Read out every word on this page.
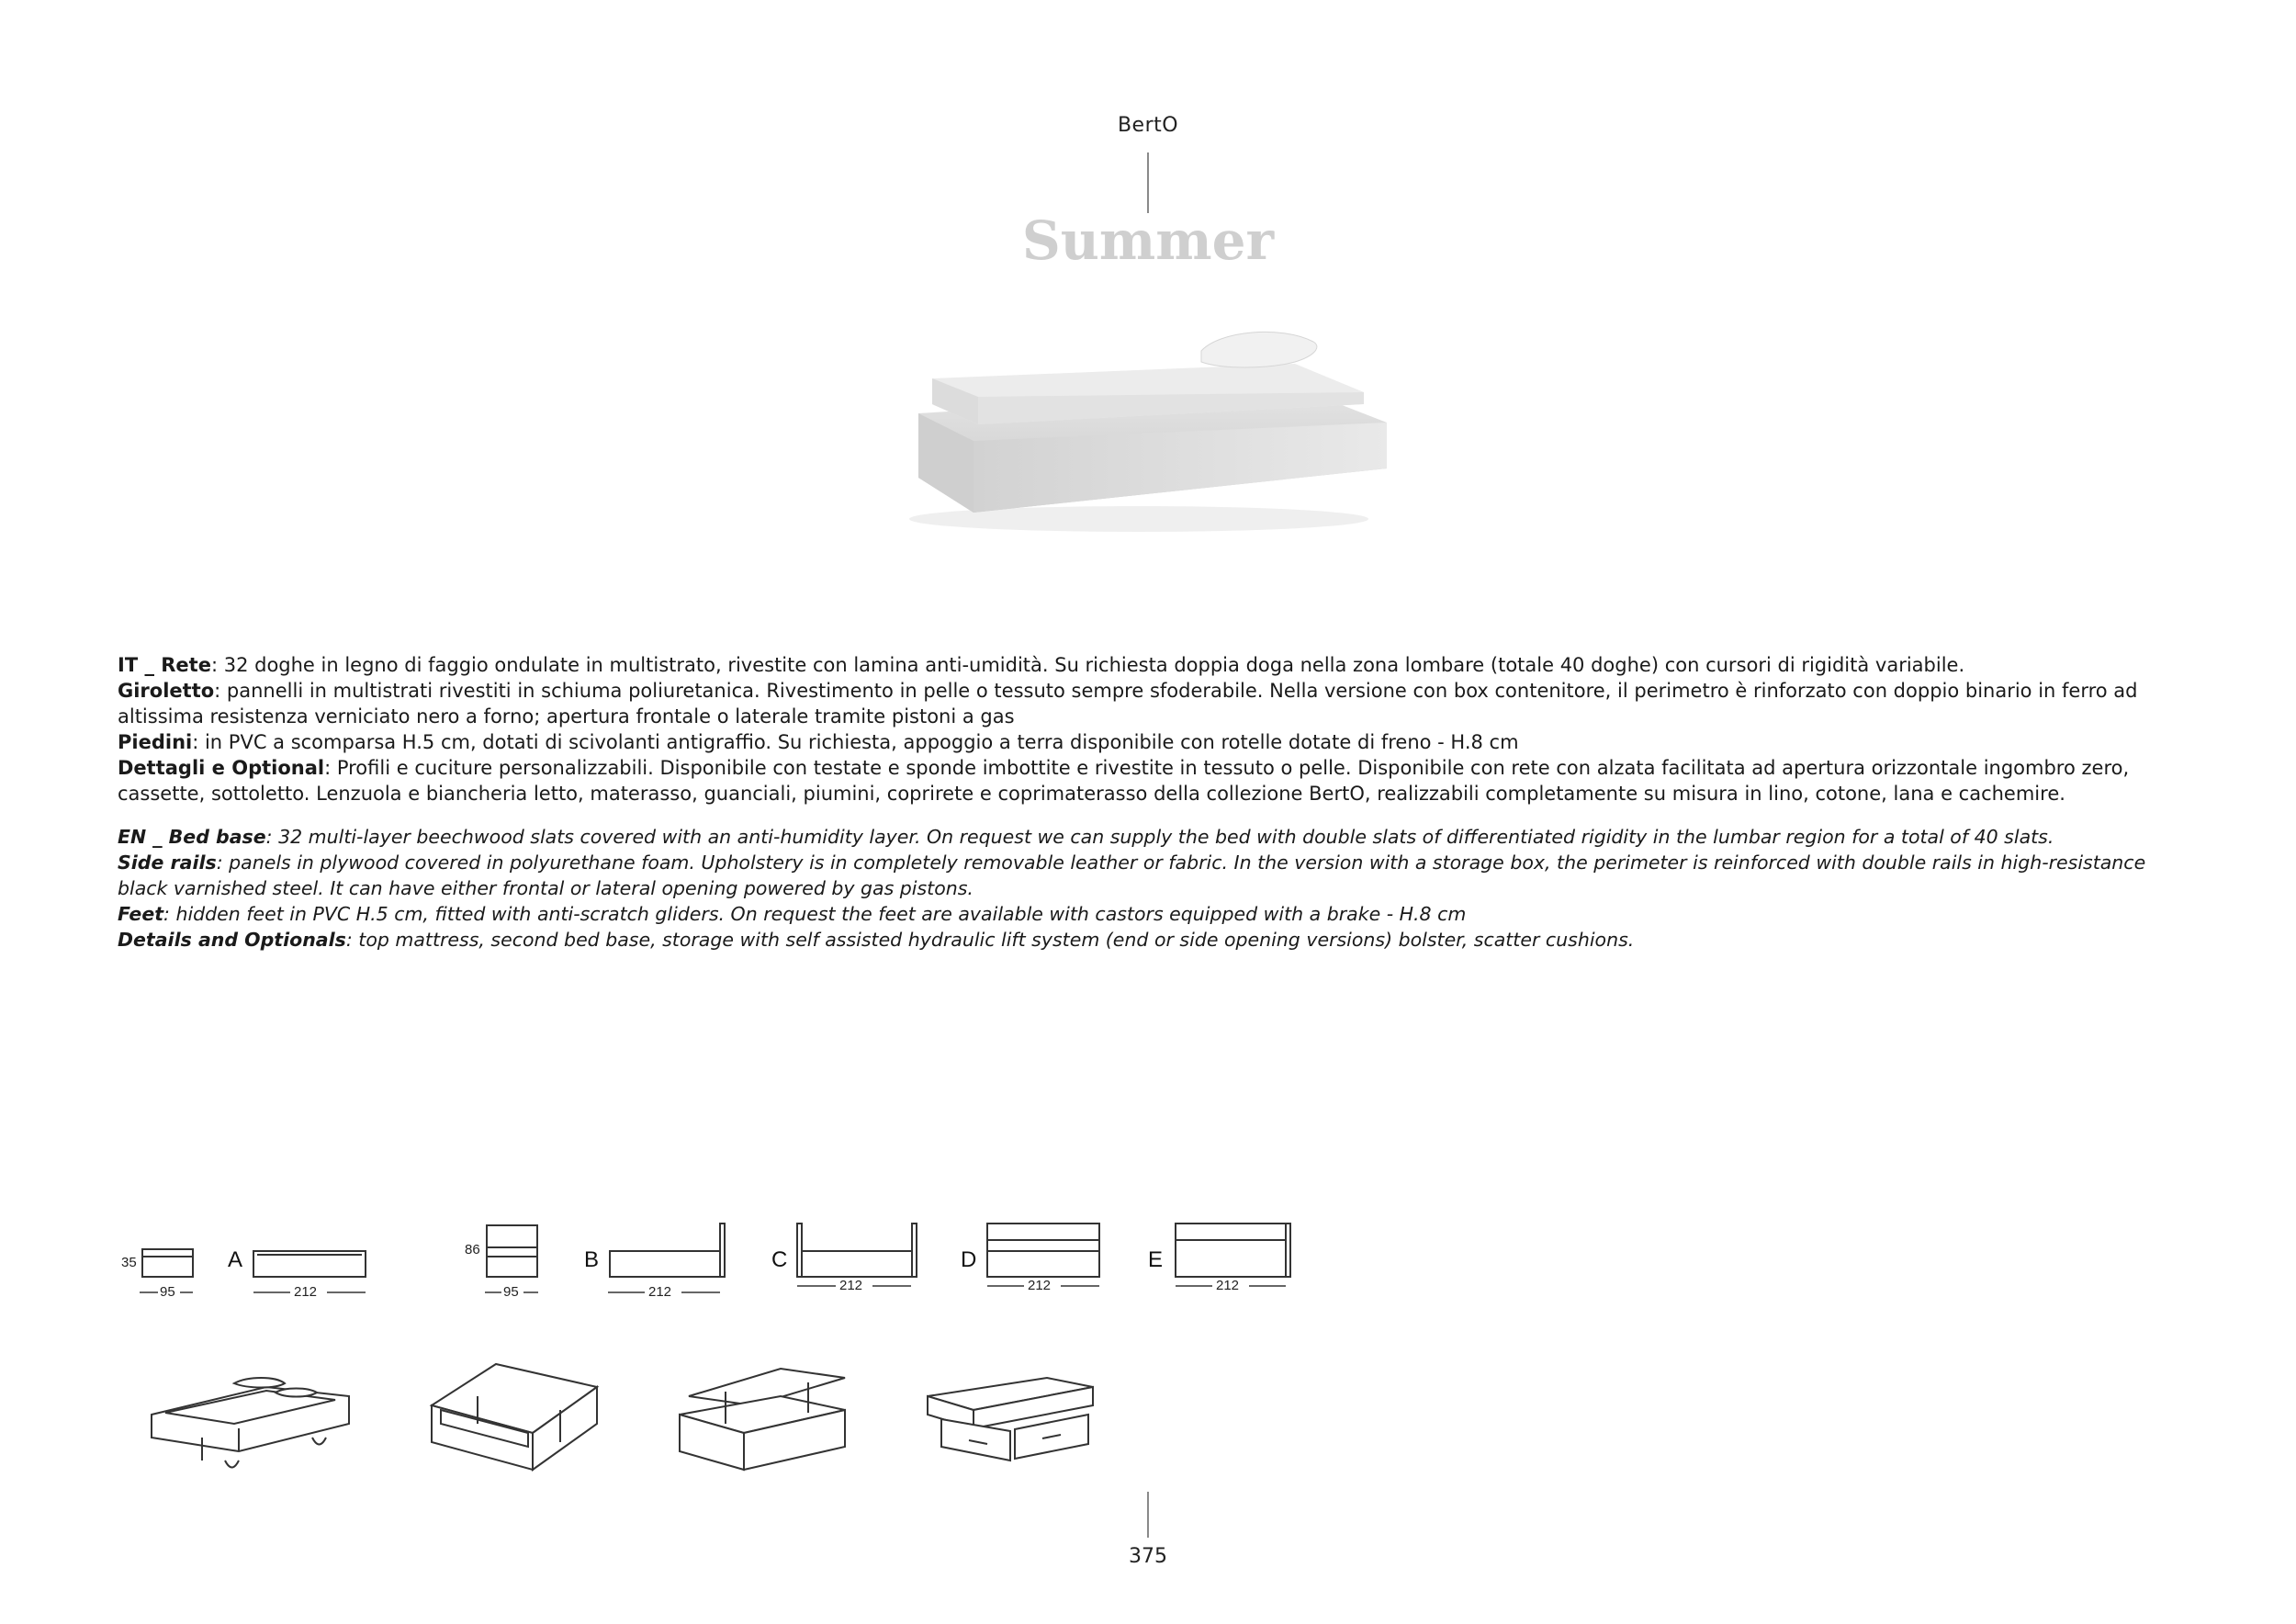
BertO
Summer

IT _ Rete: 32 doghe in legno di faggio ondulate in multistrato, rivestite con lamina anti-umidità. Su richiesta doppia doga nella zona lombare (totale 40 doghe) con cursori di rigidità variabile.

Giroletto: pannelli in multistrati rivestiti in schiuma poliuretanica. Rivestimento in pelle o tessuto sempre sfoderabile. Nella versione con box contenitore, il perimetro è rinforzato con doppio binario in ferro ad altissima resistenza verniciato nero a forno; apertura frontale o laterale tramite pistoni a gas

Piedini: in PVC a scomparsa H.5 cm, dotati di scivolanti antigraffio. Su richiesta, appoggio a terra disponibile con rotelle dotate di freno - H.8 cm

Dettagli e Optional: Profili e cuciture personalizzabili. Disponibile con testate e sponde imbottite e rivestite in tessuto o pelle. Disponibile con rete con alzata facilitata ad apertura orizzontale ingombro zero, cassette, sottoletto. Lenzuola e biancheria letto, materasso, guanciali, piumini, coprirete e coprimaterasso della collezione BertO, realizzabili completamente su misura in lino, cotone, lana e cachemire.

EN _ Bed base: 32 multi-layer beechwood slats covered with an anti-humidity layer. On request we can supply the bed with double slats of differentiated rigidity in the lumbar region for a total of 40 slats.

Side rails: panels in plywood covered in polyurethane foam. Upholstery is in completely removable leather or fabric. In the version with a storage box, the perimeter is reinforced with double rails in high-resistance black varnished steel. It can have either frontal or lateral opening powered by gas pistons.

Feet: hidden feet in PVC H.5 cm, fitted with anti-scratch gliders. On request the feet are available with castors equipped with a brake - H.8 cm

Details and Optionals: top mattress, second bed base, storage with self assisted hydraulic lift system (end or side opening versions) bolster, scatter cushions.

35
86
95	95
212	212	212	212	212
A	B	C	D	E
375
